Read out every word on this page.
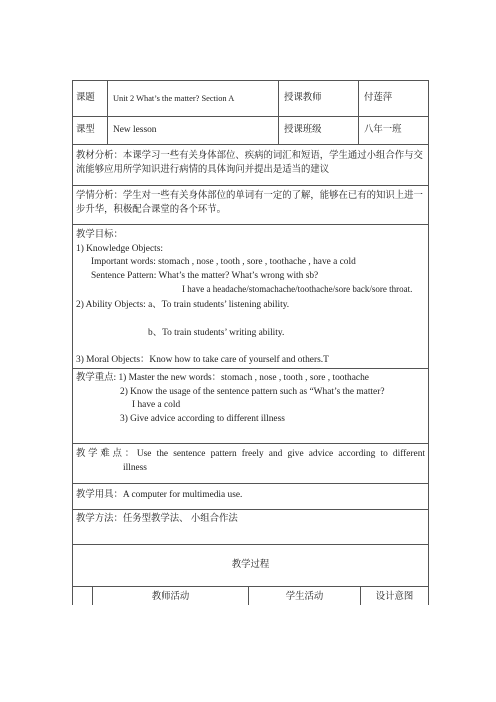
课题 Unit 2 What’s the matter? Section A	授课教师	付莲萍
课型 New lesson	授课班级	八年一班
教材分析：本课学习一些有关身体部位、疾病的词汇和短语，学生通过小组合作与交流能够应用所学知识进行病情的具体询问并提出是适当的建议
学情分析：学生对一些有关身体部位的单词有一定的了解，能够在已有的知识上进一步升华，积极配合课堂的各个环节。
教学目标：
1) Knowledge Objects:
Important words: stomach , nose , tooth , sore , toothache , have a cold
Sentence Pattern: What’s the matter? What’s wrong with sb?
I have a headache/stomachache/toothache/sore back/sore throat.
2) Ability Objects: a、To train students’ listening ability.
b、To train students’ writing ability.
3) Moral Objects：Know how to take care of yourself and others.T
教学重点: 1) Master the new words：stomach , nose , tooth , sore , toothache
2) Know the usage of the sentence pattern such as “What’s the matter?
I have a cold
3) Give advice according to different illness
教学难点：Use the sentence pattern freely and give advice according to different
illness
教学用具：A computer for multimedia use.
教学方法：任务型教学法、 小组合作法
教学过程
教师活动	学生活动	设计意图
